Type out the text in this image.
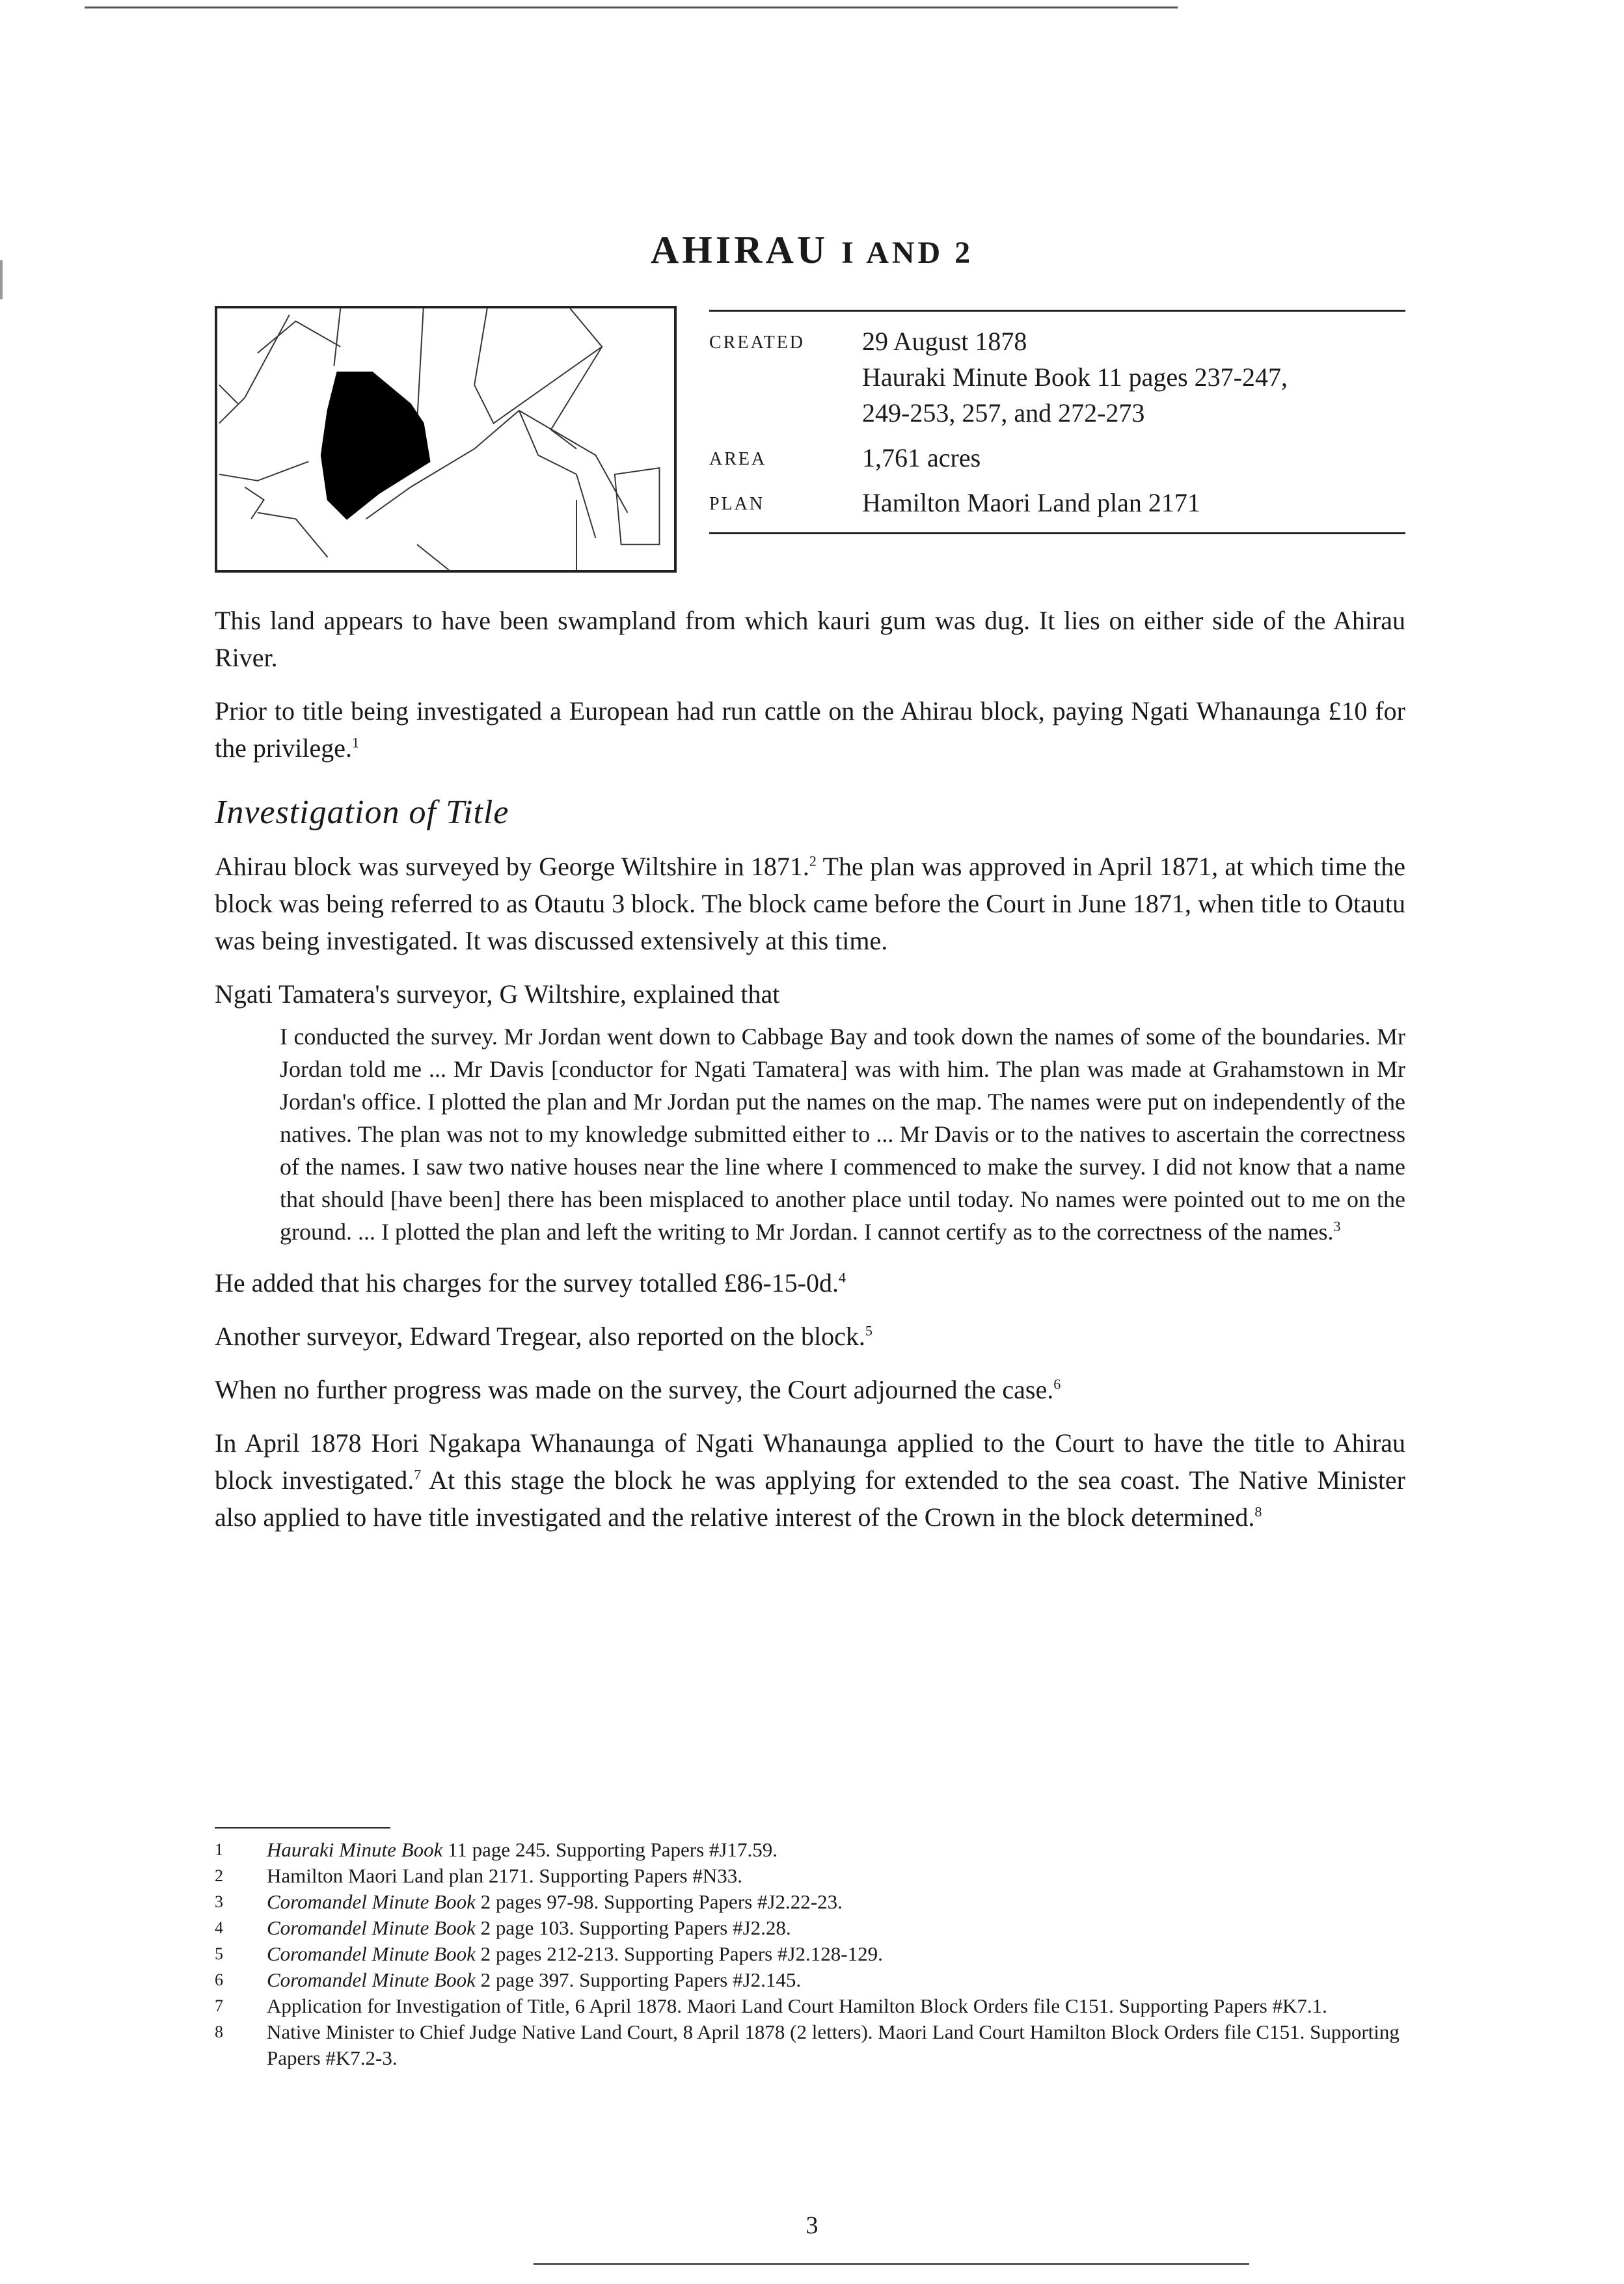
AHIRAU I AND 2
CREATED	29 August 1878
Hauraki Minute Book 11 pages 237-247,
249-253, 257, and 272-273
AREA	1,761 acres
PLAN	Hamilton Maori Land plan 2171

This land appears to have been swampland from which kauri gum was dug. It lies on either side of the Ahirau River.

Prior to title being investigated a European had run cattle on the Ahirau block, paying Ngati Whanaunga £10 for the privilege.$^1$

Investigation of Title

Ahirau block was surveyed by George Wiltshire in 1871.$^2$ The plan was approved in April 1871, at which time the block was being referred to as Otautu 3 block. The block came before the Court in June 1871, when title to Otautu was being investigated. It was discussed extensively at this time.

Ngati Tamatera's surveyor, G Wiltshire, explained that

I conducted the survey. Mr Jordan went down to Cabbage Bay and took down the names of some of the boundaries. Mr Jordan told me ... Mr Davis [conductor for Ngati Tamatera] was with him. The plan was made at Grahamstown in Mr Jordan's office. I plotted the plan and Mr Jordan put the names on the map. The names were put on independently of the natives. The plan was not to my knowledge submitted either to ... Mr Davis or to the natives to ascertain the correctness of the names. I saw two native houses near the line where I commenced to make the survey. I did not know that a name that should [have been] there has been misplaced to another place until today. No names were pointed out to me on the ground. ... I plotted the plan and left the writing to Mr Jordan. I cannot certify as to the correctness of the names.$^3$

He added that his charges for the survey totalled £86-15-0d.$^4$

Another surveyor, Edward Tregear, also reported on the block.$^5$

When no further progress was made on the survey, the Court adjourned the case.$^6$

In April 1878 Hori Ngakapa Whanaunga of Ngati Whanaunga applied to the Court to have the title to Ahirau block investigated.$^7$ At this stage the block he was applying for extended to the sea coast. The Native Minister also applied to have title investigated and the relative interest of the Crown in the block determined.$^8$

1	Hauraki Minute Book 11 page 245. Supporting Papers #J17.59.
2	Hamilton Maori Land plan 2171. Supporting Papers #N33.
3	Coromandel Minute Book 2 pages 97-98. Supporting Papers #J2.22-23.
4	Coromandel Minute Book 2 page 103. Supporting Papers #J2.28.
5	Coromandel Minute Book 2 pages 212-213. Supporting Papers #J2.128-129.
6	Coromandel Minute Book 2 page 397. Supporting Papers #J2.145.
7	Application for Investigation of Title, 6 April 1878. Maori Land Court Hamilton Block Orders file C151. Supporting Papers #K7.1.
8	Native Minister to Chief Judge Native Land Court, 8 April 1878 (2 letters). Maori Land Court Hamilton Block Orders file C151. Supporting Papers #K7.2-3.
3
